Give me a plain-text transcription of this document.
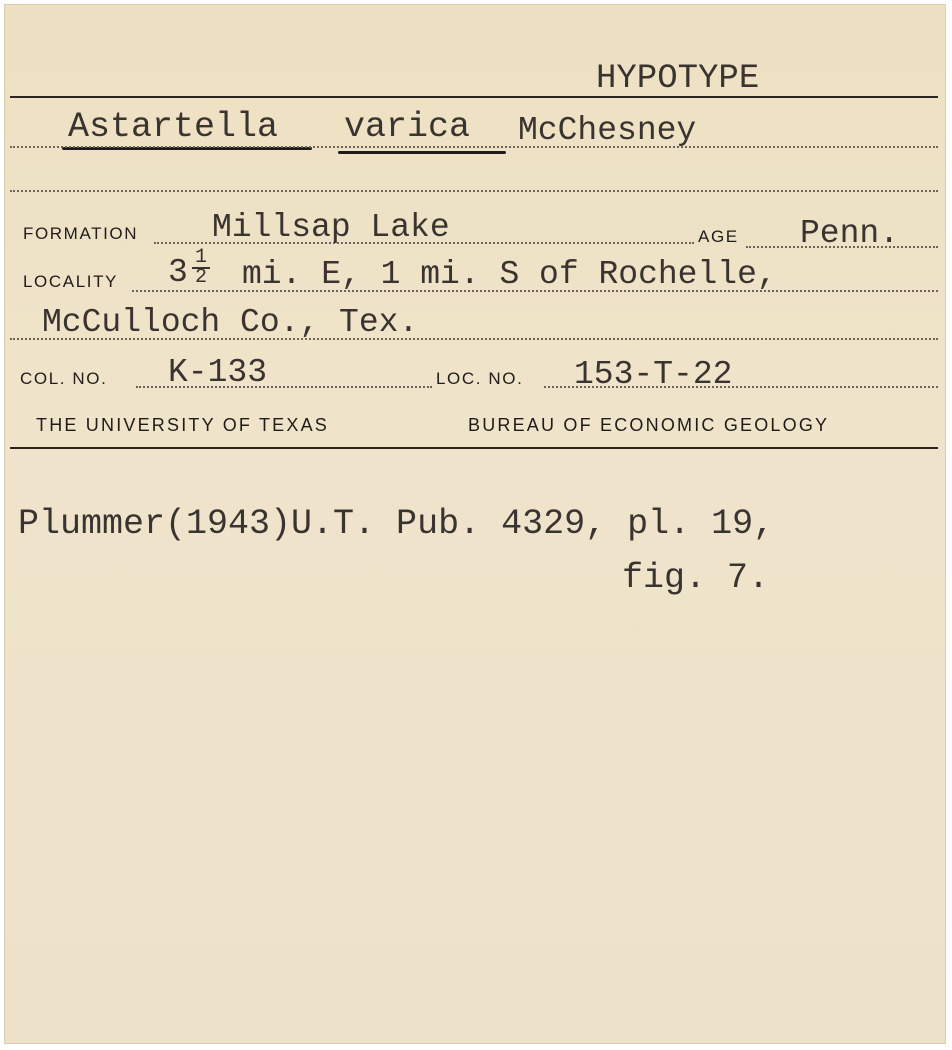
HYPOTYPE
Astartella varica McChesney
FORMATION Millsap Lake	AGE Penn.
LOCALITY 3 1
2 mi. E, 1 mi. S of Rochelle,
McCulloch Co., Tex.
COL. NO. K-133	LOC. NO. 153-T-22
THE UNIVERSITY OF TEXAS	BUREAU OF ECONOMIC GEOLOGY
Plummer(1943)U.T. Pub. 4329, pl. 19,
fig. 7.
